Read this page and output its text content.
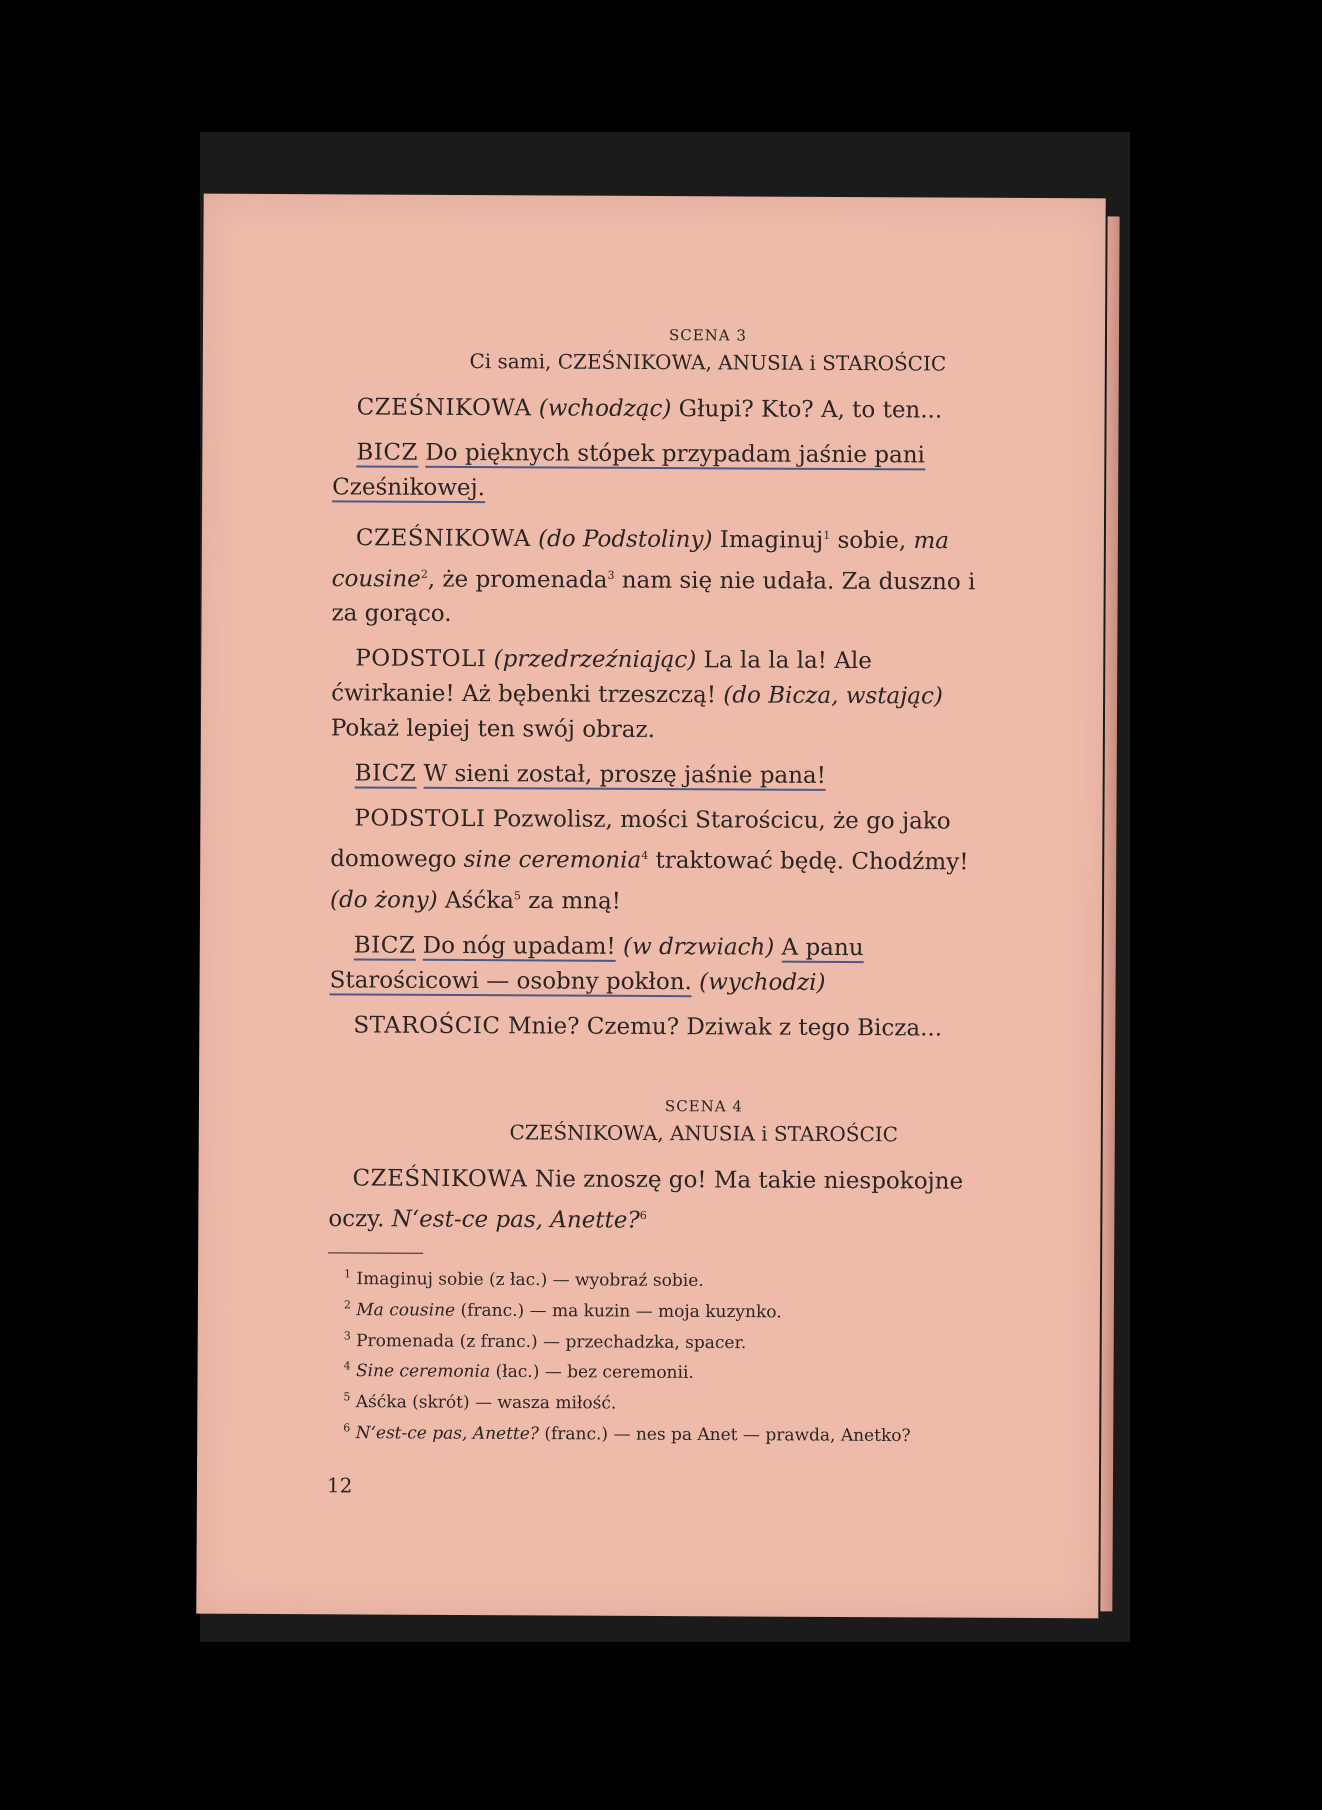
SCENA 3
Ci sami, CZEŚNIKOWA, ANUSIA i STAROŚCIC

CZEŚNIKOWA (wchodząc) Głupi? Kto? A, to ten...

BICZ Do pięknych stópek przypadam jaśnie pani Cześnikowej.

CZEŚNIKOWA (do Podstoliny) Imaginuj$^1$ sobie, ma cousine$^2$, że promenada$^3$ nam się nie udała. Za duszno i za gorąco.

PODSTOLI (przedrzeźniając) La la la la! Ale ćwirkanie! Aż bębenki trzeszczą! (do Bicza, wstając) Pokaż lepiej ten swój obraz.

BICZ W sieni został, proszę jaśnie pana!

PODSTOLI Pozwolisz, mości Starościcu, że go jako domowego sine ceremonia$^4$ traktować będę. Chodźmy! (do żony) Aśćka$^5$ za mną!

BICZ Do nóg upadam! (w drzwiach) A panu Starościcowi — osobny pokłon. (wychodzi)

STAROŚCIC Mnie? Czemu? Dziwak z tego Bicza...

SCENA 4
CZEŚNIKOWA, ANUSIA i STAROŚCIC

CZEŚNIKOWA Nie znoszę go! Ma takie niespokojne oczy. N‘est-ce pas, Anette?$^6$

$^1$ Imaginuj sobie (z łac.) — wyobraź sobie.

$^2$ Ma cousine (franc.) — ma kuzin — moja kuzynko.

$^3$ Promenada (z franc.) — przechadzka, spacer.

$^4$ Sine ceremonia (łac.) — bez ceremonii.

$^5$ Aśćka (skrót) — wasza miłość.

$^6$ N‘est-ce pas, Anette? (franc.) — nes pa Anet — prawda, Anetko?

12
